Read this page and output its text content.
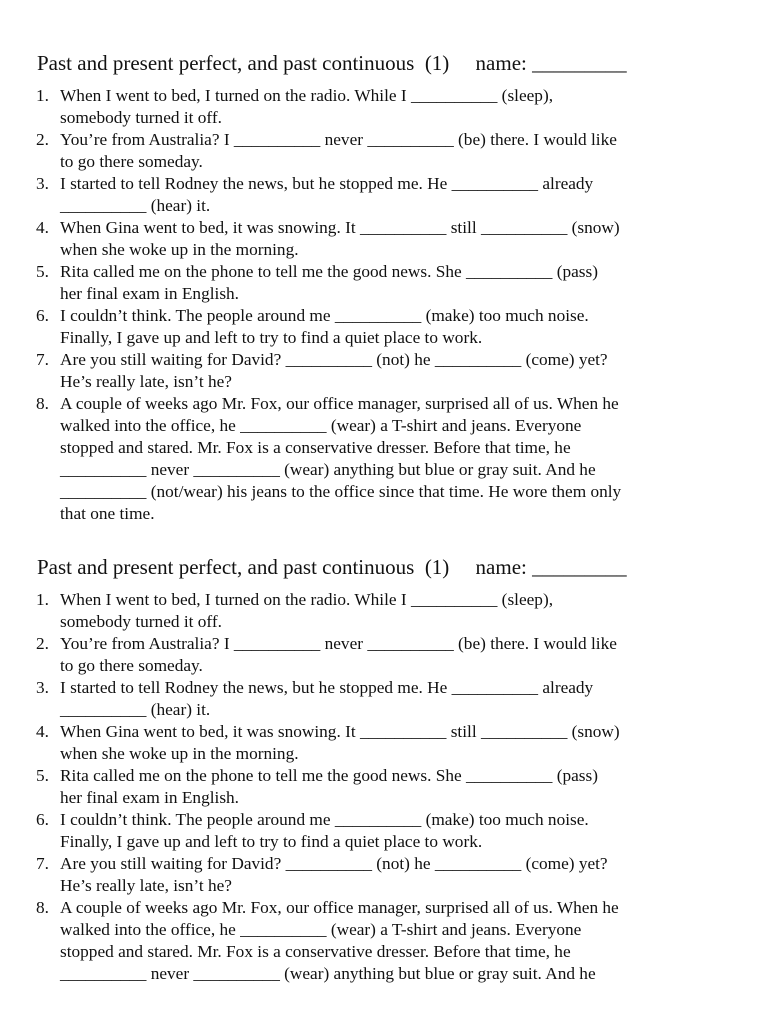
Past and present perfect, and past continuous  (1)     name: _________
1. When I went to bed, I turned on the radio. While I __________ (sleep),
somebody turned it off.
2. You’re from Australia? I __________ never __________ (be) there. I would like
to go there someday.
3. I started to tell Rodney the news, but he stopped me. He __________ already
__________ (hear) it.
4. When Gina went to bed, it was snowing. It __________ still __________ (snow)
when she woke up in the morning.
5. Rita called me on the phone to tell me the good news. She __________ (pass)
her final exam in English.
6. I couldn’t think. The people around me __________ (make) too much noise.
Finally, I gave up and left to try to find a quiet place to work.
7. Are you still waiting for David? __________ (not) he __________ (come) yet?
He’s really late, isn’t he?
8. A couple of weeks ago Mr. Fox, our office manager, surprised all of us. When he
walked into the office, he __________ (wear) a T-shirt and jeans. Everyone
stopped and stared. Mr. Fox is a conservative dresser. Before that time, he
__________ never __________ (wear) anything but blue or gray suit. And he
__________ (not/wear) his jeans to the office since that time. He wore them only
that one time.
Past and present perfect, and past continuous  (1)     name: _________
1. When I went to bed, I turned on the radio. While I __________ (sleep),
somebody turned it off.
2. You’re from Australia? I __________ never __________ (be) there. I would like
to go there someday.
3. I started to tell Rodney the news, but he stopped me. He __________ already
__________ (hear) it.
4. When Gina went to bed, it was snowing. It __________ still __________ (snow)
when she woke up in the morning.
5. Rita called me on the phone to tell me the good news. She __________ (pass)
her final exam in English.
6. I couldn’t think. The people around me __________ (make) too much noise.
Finally, I gave up and left to try to find a quiet place to work.
7. Are you still waiting for David? __________ (not) he __________ (come) yet?
He’s really late, isn’t he?
8. A couple of weeks ago Mr. Fox, our office manager, surprised all of us. When he
walked into the office, he __________ (wear) a T-shirt and jeans. Everyone
stopped and stared. Mr. Fox is a conservative dresser. Before that time, he
__________ never __________ (wear) anything but blue or gray suit. And he
